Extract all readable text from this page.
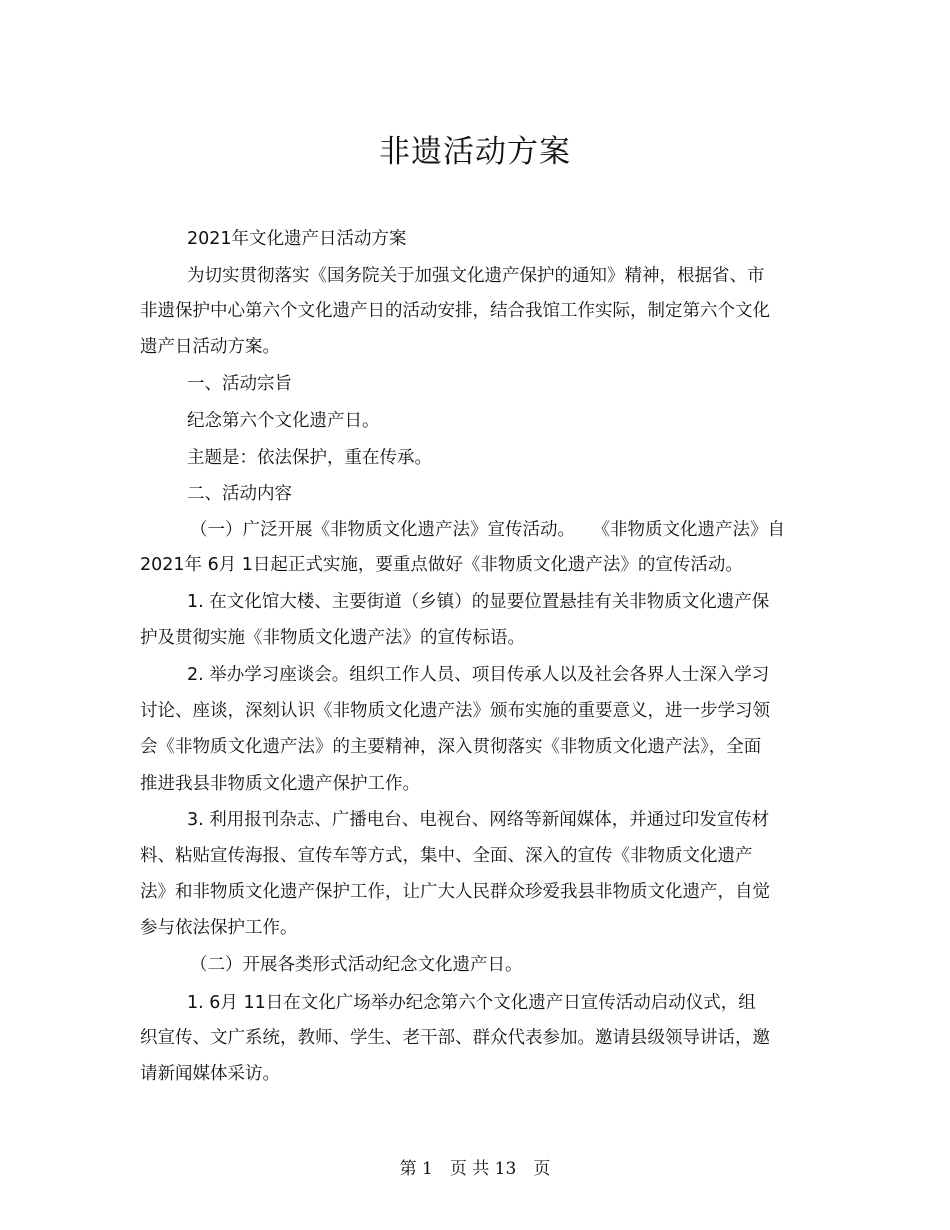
非遗活动方案
2021年文化遗产日活动方案
为切实贯彻落实《国务院关于加强文化遗产保护的通知》精神，根据省、市
非遗保护中心第六个文化遗产日的活动安排，结合我馆工作实际，制定第六个文化
遗产日活动方案。
一、活动宗旨
纪念第六个文化遗产日。
主题是：依法保护，重在传承。
二、活动内容
（一）广泛开展《非物质文化遗产法》宣传活动。　　《非物质文化遗产法》自
2021年 6月 1日起正式实施，要重点做好《非物质文化遗产法》的宣传活动。
1. 在文化馆大楼、主要街道（乡镇）的显要位置悬挂有关非物质文化遗产保
护及贯彻实施《非物质文化遗产法》的宣传标语。
2. 举办学习座谈会。组织工作人员、项目传承人以及社会各界人士深入学习
讨论、座谈，深刻认识《非物质文化遗产法》颁布实施的重要意义，进一步学习领
会《非物质文化遗产法》的主要精神，深入贯彻落实《非物质文化遗产法》，全面
推进我县非物质文化遗产保护工作。
3. 利用报刊杂志、广播电台、电视台、网络等新闻媒体，并通过印发宣传材
料、粘贴宣传海报、宣传车等方式，集中、全面、深入的宣传《非物质文化遗产
法》和非物质文化遗产保护工作，让广大人民群众珍爱我县非物质文化遗产，自觉
参与依法保护工作。
（二）开展各类形式活动纪念文化遗产日。
1. 6月 11日在文化广场举办纪念第六个文化遗产日宣传活动启动仪式，组
织宣传、文广系统，教师、学生、老干部、群众代表参加。邀请县级领导讲话，邀
请新闻媒体采访。
第 1　页 共 13　页
